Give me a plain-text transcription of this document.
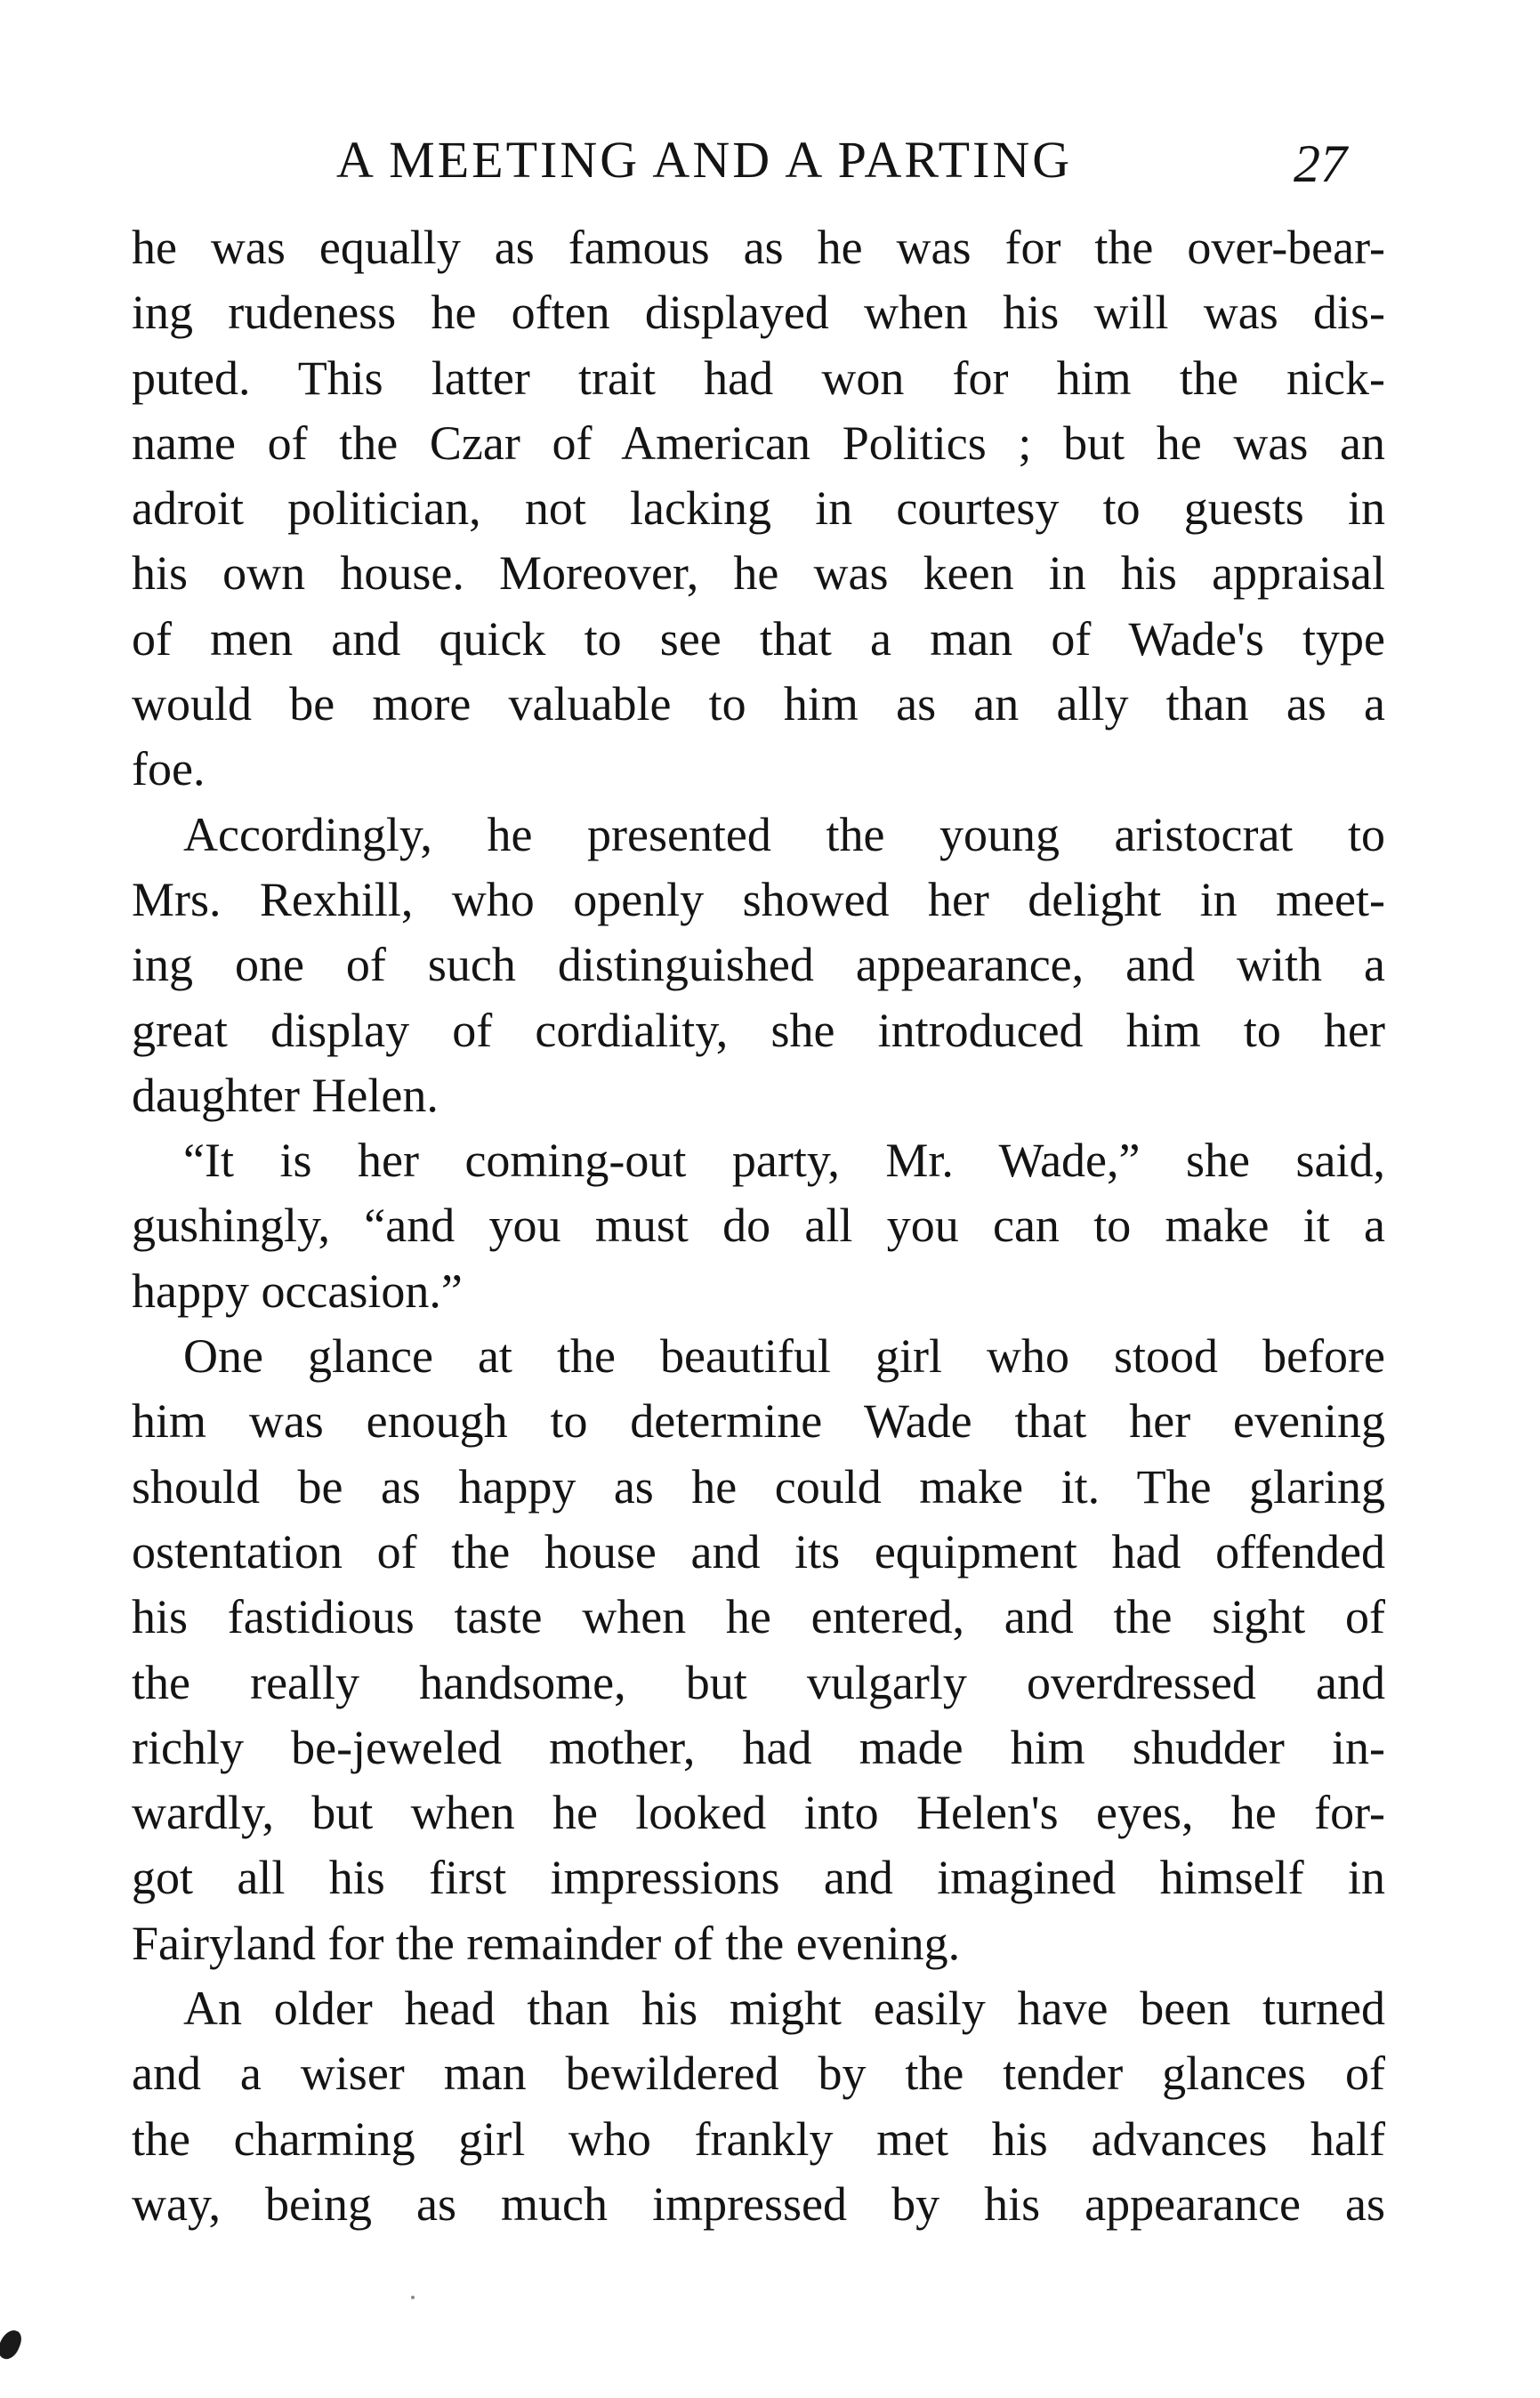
A MEETING AND A PARTING	27
he was equally as famous as he was for the over-bear-
ing rudeness he often displayed when his will was dis-
puted. This latter trait had won for him the nick-
name of the Czar of American Politics ; but he was an
adroit politician, not lacking in courtesy to guests in
his own house. Moreover, he was keen in his appraisal
of men and quick to see that a man of Wade's type
would be more valuable to him as an ally than as a
foe.
Accordingly, he presented the young aristocrat to
Mrs. Rexhill, who openly showed her delight in meet-
ing one of such distinguished appearance, and with a
great display of cordiality, she introduced him to her
daughter Helen.
“It is her coming-out party, Mr. Wade,” she said,
gushingly, “and you must do all you can to make it a
happy occasion.”
One glance at the beautiful girl who stood before
him was enough to determine Wade that her evening
should be as happy as he could make it. The glaring
ostentation of the house and its equipment had offended
his fastidious taste when he entered, and the sight of
the really handsome, but vulgarly overdressed and
richly be-jeweled mother, had made him shudder in-
wardly, but when he looked into Helen's eyes, he for-
got all his first impressions and imagined himself in
Fairyland for the remainder of the evening.
An older head than his might easily have been turned
and a wiser man bewildered by the tender glances of
the charming girl who frankly met his advances half
way, being as much impressed by his appearance as
